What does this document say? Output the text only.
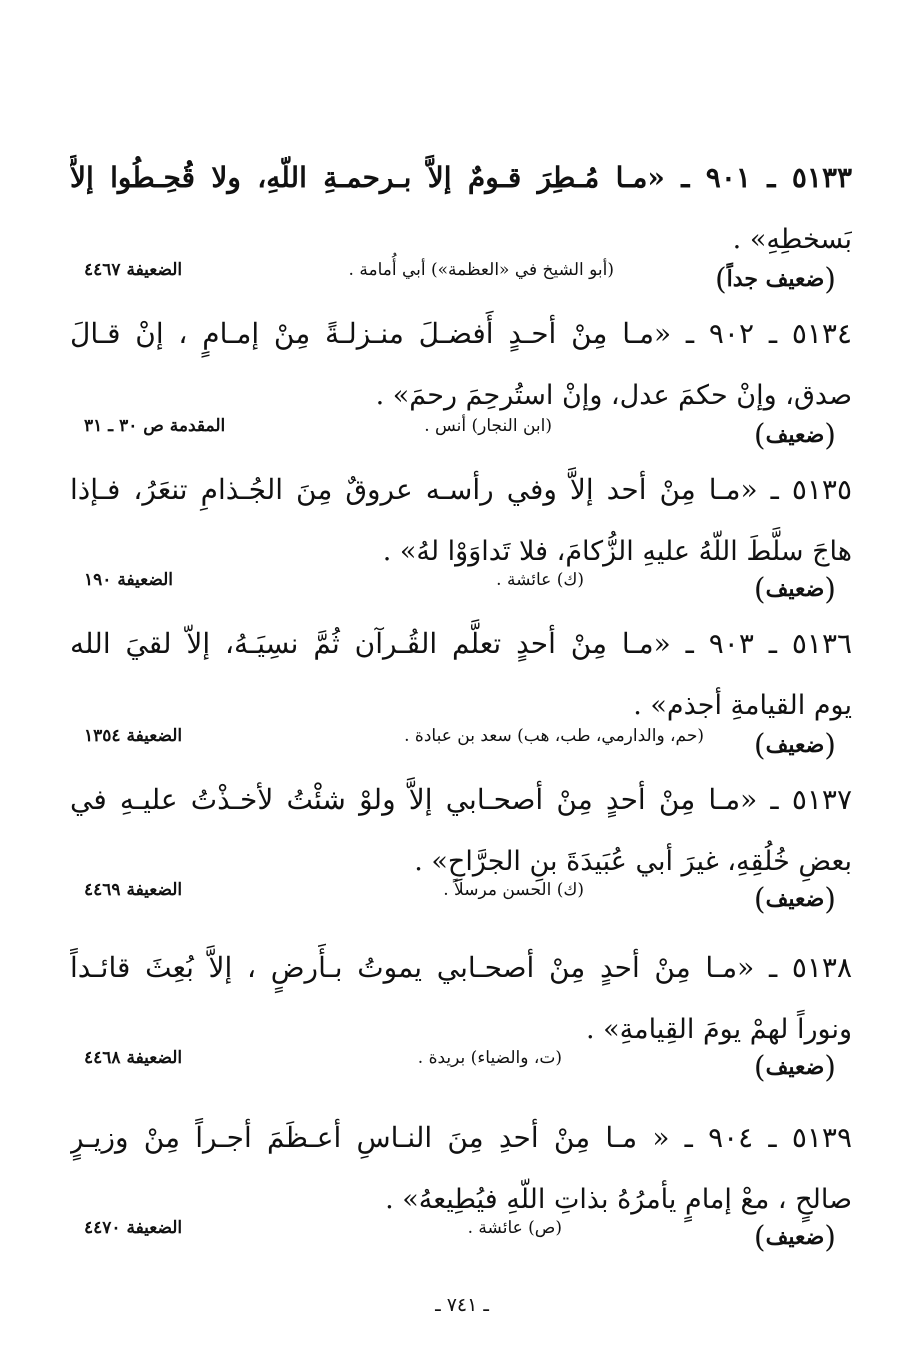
٥١٣٣ ـ ٩٠١ ـ «مـا مُـطِرَ قـومٌ إلاَّ بـرحمـةِ اللّهِ، ولا قُحِـطُوا إلاَّ
بَسخطِهِ» .
(ضعيف جداً)
(أبو الشيخ في «العظمة») أبي أُمامة .
الضعيفة ٤٤٦٧
٥١٣٤ ـ ٩٠٢ ـ «مـا مِنْ أحـدٍ أَفضـلَ منـزلـةً مِنْ إمـامٍ ، إنْ قـالَ
صدق، وإنْ حكمَ عدل، وإنْ استُرحِمَ رحمَ» .
(ضعيف)
(ابن النجار) أنس .
المقدمة ص ٣٠ ـ ٣١
٥١٣٥ ـ «مـا مِنْ أحد إلاَّ وفي رأسـه عروقٌ مِنَ الجُـذامِ تنعَرُ، فـإذا
هاجَ سلَّطَ اللّهُ عليهِ الزُّكامَ، فلا تَداوَوْا لهُ» .
(ضعيف)
(ك) عائشة .
الضعيفة ١٩٠
٥١٣٦ ـ ٩٠٣ ـ «مـا مِنْ أحدٍ تعلَّم القُـرآن ثُمَّ نسِيَـهُ، إلاّ لقيَ الله
يوم القيامةِ أجذم» .
(ضعيف)
(حم، والدارمي، طب، هب) سعد بن عبادة .
الضعيفة ١٣٥٤
٥١٣٧ ـ «مـا مِنْ أحدٍ مِنْ أصحـابي إلاَّ ولوْ شئْتُ لأخـذْتُ عليـهِ في
بعضِ خُلُقِهِ، غيرَ أبي عُبَيدَةَ بنِ الجرَّاحِ» .
(ضعيف)
(ك) الحسن مرسلاً .
الضعيفة ٤٤٦٩
٥١٣٨ ـ «مـا مِنْ أحدٍ مِنْ أصحـابي يموتُ بـأَرضٍ ، إلاَّ بُعِثَ قائـداً
ونوراً لهمْ يومَ القِيامةِ» .
(ضعيف)
(ت، والضياء) بريدة .
الضعيفة ٤٤٦٨
٥١٣٩ ـ ٩٠٤ ـ « مـا مِنْ أحدِ مِنَ النـاسِ أعـظَمَ أجـراً مِنْ وزيـرٍ
صالحٍ ، معْ إمامٍ يأمرُهُ بذاتِ اللّهِ فيُطِيعهُ» .
(ضعيف)
(ص) عائشة .
الضعيفة ٤٤٧٠
ـ ٧٤١ ـ
